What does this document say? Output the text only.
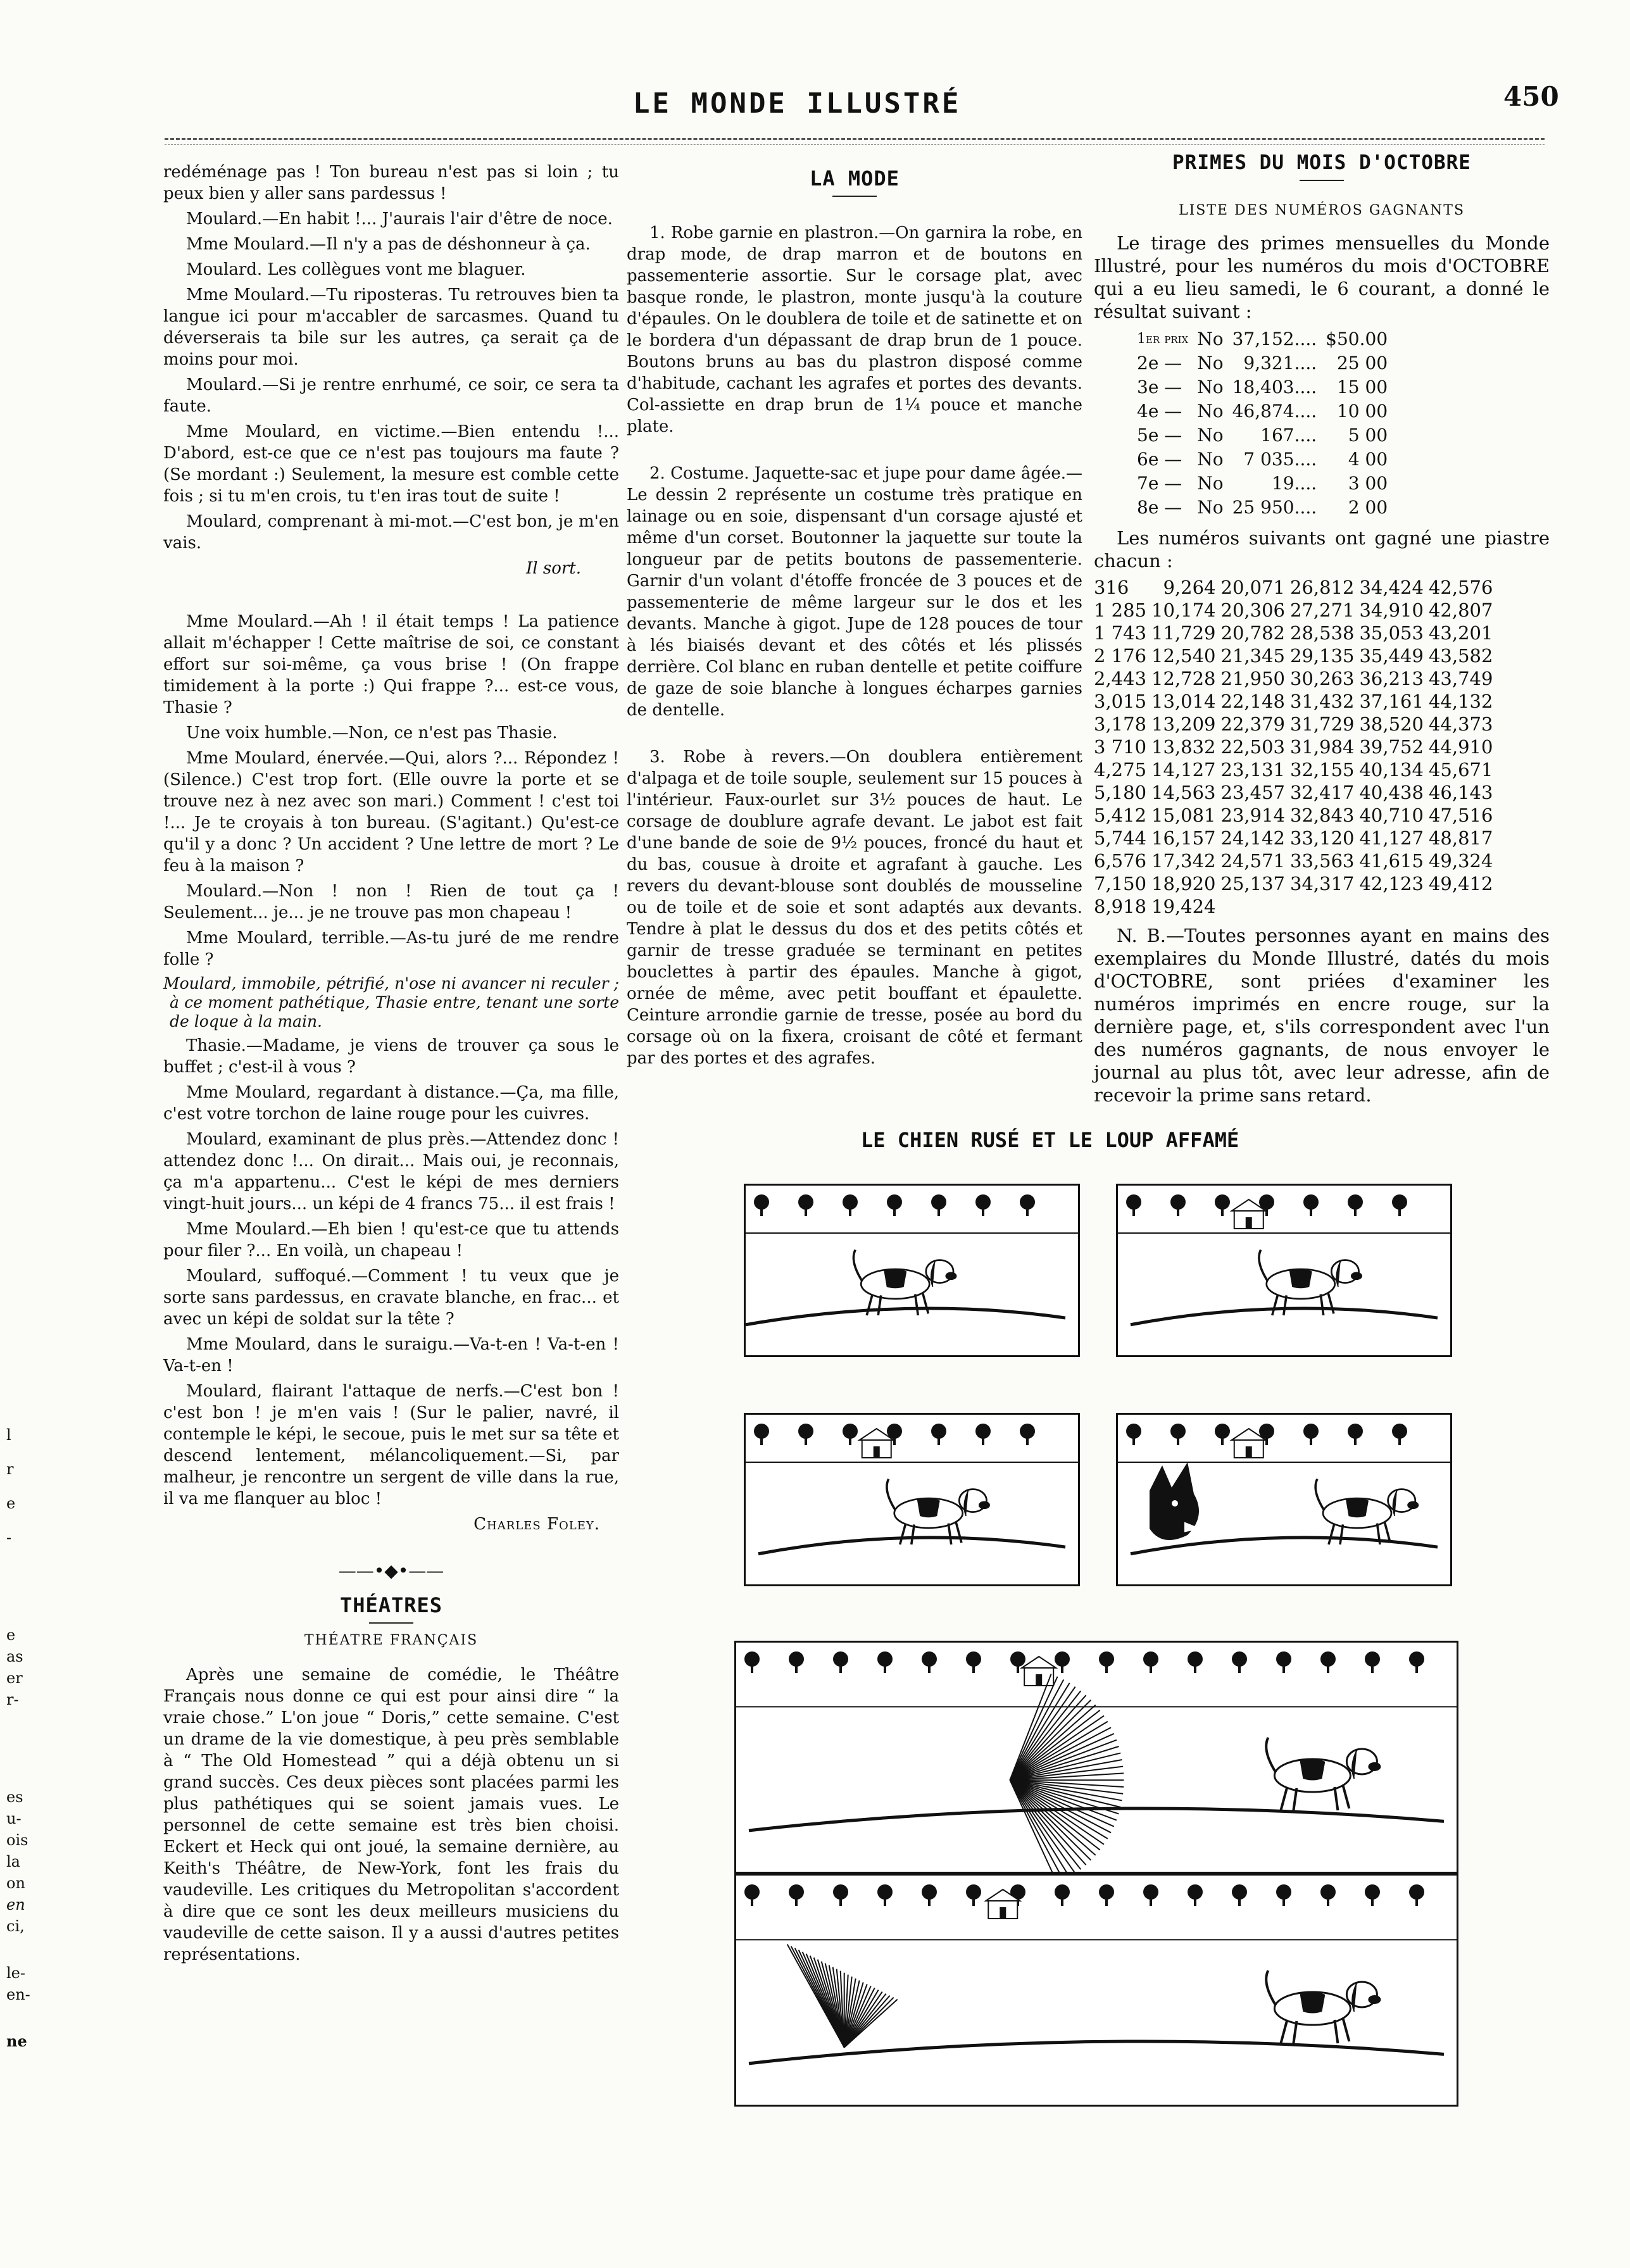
LE MONDE ILLUSTRÉ	450
l
r
e
-
e
as
er
r-
es
u-
ois
la
on
en
ci,
le-
en-
ne

redéménage pas ! Ton bureau n'est pas si loin ; tu peux bien y aller sans pardessus !

Moulard.—En habit !... J'aurais l'air d'être de noce.

Mme Moulard.—Il n'y a pas de déshonneur à ça.

Moulard. Les collègues vont me blaguer.

Mme Moulard.—Tu riposteras. Tu retrouves bien ta langue ici pour m'accabler de sarcasmes. Quand tu déverserais ta bile sur les autres, ça serait ça de moins pour moi.

Moulard.—Si je rentre enrhumé, ce soir, ce sera ta faute.

Mme Moulard, en victime.—Bien entendu !... D'abord, est-ce que ce n'est pas toujours ma faute ? (Se mordant :) Seulement, la mesure est comble cette fois ; si tu m'en crois, tu t'en iras tout de suite !

Moulard, comprenant à mi-mot.—C'est bon, je m'en vais.

Il sort.

Mme Moulard.—Ah ! il était temps ! La patience allait m'échapper ! Cette maîtrise de soi, ce constant effort sur soi-même, ça vous brise ! (On frappe timidement à la porte :) Qui frappe ?... est-ce vous, Thasie ?

Une voix humble.—Non, ce n'est pas Thasie.

Mme Moulard, énervée.—Qui, alors ?... Répondez ! (Silence.) C'est trop fort. (Elle ouvre la porte et se trouve nez à nez avec son mari.) Comment ! c'est toi !... Je te croyais à ton bureau. (S'agitant.) Qu'est-ce qu'il y a donc ? Un accident ? Une lettre de mort ? Le feu à la maison ?

Moulard.—Non ! non ! Rien de tout ça ! Seulement... je... je ne trouve pas mon chapeau !

Mme Moulard, terrible.—As-tu juré de me rendre folle ?

Moulard, immobile, pétrifié, n'ose ni avancer ni reculer ; à ce moment pathétique, Thasie entre, tenant une sorte de loque à la main.

Thasie.—Madame, je viens de trouver ça sous le buffet ; c'est-il à vous ?

Mme Moulard, regardant à distance.—Ça, ma fille, c'est votre torchon de laine rouge pour les cuivres.

Moulard, examinant de plus près.—Attendez donc ! attendez donc !... On dirait... Mais oui, je reconnais, ça m'a appartenu... C'est le képi de mes derniers vingt-huit jours... un képi de 4 francs 75... il est frais !

Mme Moulard.—Eh bien ! qu'est-ce que tu attends pour filer ?... En voilà, un chapeau !

Moulard, suffoqué.—Comment ! tu veux que je sorte sans pardessus, en cravate blanche, en frac... et avec un képi de soldat sur la tête ?

Mme Moulard, dans le suraigu.—Va-t-en ! Va-t-en ! Va-t-en !

Moulard, flairant l'attaque de nerfs.—C'est bon ! c'est bon ! je m'en vais ! (Sur le palier, navré, il contemple le képi, le secoue, puis le met sur sa tête et descend lentement, mélancoliquement.—Si, par malheur, je rencontre un sergent de ville dans la rue, il va me flanquer au bloc !

Charles Foley.

——•◆•——
THÉATRES
THÉATRE FRANÇAIS

Après une semaine de comédie, le Théâtre Français nous donne ce qui est pour ainsi dire “ la vraie chose.” L'on joue “ Doris,” cette semaine. C'est un drame de la vie domestique, à peu près semblable à “ The Old Homestead ” qui a déjà obtenu un si grand succès. Ces deux pièces sont placées parmi les plus pathétiques qui se soient jamais vues. Le personnel de cette semaine est très bien choisi. Eckert et Heck qui ont joué, la semaine dernière, au Keith's Théâtre, de New-York, font les frais du vaudeville. Les critiques du Metropolitan s'accordent à dire que ce sont les deux meilleurs musiciens du vaudeville de cette saison. Il y a aussi d'autres petites représentations.

LA MODE

1. Robe garnie en plastron.—On garnira la robe, en drap mode, de drap marron et de boutons en passementerie assortie. Sur le corsage plat, avec basque ronde, le plastron, monte jusqu'à la couture d'épaules. On le doublera de toile et de satinette et on le bordera d'un dépassant de drap brun de 1 pouce. Boutons bruns au bas du plastron disposé comme d'habitude, cachant les agrafes et portes des devants. Col-assiette en drap brun de 1¼ pouce et manche plate.

2. Costume. Jaquette-sac et jupe pour dame âgée.—Le dessin 2 représente un costume très pratique en lainage ou en soie, dispensant d'un corsage ajusté et même d'un corset. Boutonner la jaquette sur toute la longueur par de petits boutons de passementerie. Garnir d'un volant d'étoffe froncée de 3 pouces et de passementerie de même largeur sur le dos et les devants. Manche à gigot. Jupe de 128 pouces de tour à lés biaisés devant et des côtés et lés plissés derrière. Col blanc en ruban dentelle et petite coiffure de gaze de soie blanche à longues écharpes garnies de dentelle.

3. Robe à revers.—On doublera entièrement d'alpaga et de toile souple, seulement sur 15 pouces à l'intérieur. Faux-ourlet sur 3½ pouces de haut. Le corsage de doublure agrafe devant. Le jabot est fait d'une bande de soie de 9½ pouces, froncé du haut et du bas, cousue à droite et agrafant à gauche. Les revers du devant-blouse sont doublés de mousseline ou de toile et de soie et sont adaptés aux devants. Tendre à plat le dessus du dos et des petits côtés et garnir de tresse graduée se terminant en petites bouclettes à partir des épaules. Manche à gigot, ornée de même, avec petit bouffant et épaulette. Ceinture arrondie garnie de tresse, posée au bord du corsage où on la fixera, croisant de côté et fermant par des portes et des agrafes.

PRIMES DU MOIS D'OCTOBRE
LISTE DES NUMÉROS GAGNANTS

Le tirage des primes mensuelles du Monde Illustré, pour les numéros du mois d'OCTOBRE qui a eu lieu samedi, le 6 courant, a donné le résultat suivant :

1er prix	No	37,152....	$50.00
2e —	No	9,321....	25 00
3e —	No	18,403....	15 00
4e —	No	46,874....	10 00
5e —	No	167....	5 00
6e —	No	7 035....	4 00
7e —	No	19....	3 00
8e —	No	25 950....	2 00

Les numéros suivants ont gagné une piastre chacun :

316	9,264	20,071	26,812	34,424	42,576
1 285	10,174	20,306	27,271	34,910	42,807
1 743	11,729	20,782	28,538	35,053	43,201
2 176	12,540	21,345	29,135	35,449	43,582
2,443	12,728	21,950	30,263	36,213	43,749
3,015	13,014	22,148	31,432	37,161	44,132
3,178	13,209	22,379	31,729	38,520	44,373
3 710	13,832	22,503	31,984	39,752	44,910
4,275	14,127	23,131	32,155	40,134	45,671
5,180	14,563	23,457	32,417	40,438	46,143
5,412	15,081	23,914	32,843	40,710	47,516
5,744	16,157	24,142	33,120	41,127	48,817
6,576	17,342	24,571	33,563	41,615	49,324
7,150	18,920	25,137	34,317	42,123	49,412
8,918	19,424				

N. B.—Toutes personnes ayant en mains des exemplaires du Monde Illustré, datés du mois d'OCTOBRE, sont priées d'examiner les numéros imprimés en encre rouge, sur la dernière page, et, s'ils correspondent avec l'un des numéros gagnants, de nous envoyer le journal au plus tôt, avec leur adresse, afin de recevoir la prime sans retard.

LE CHIEN RUSÉ ET LE LOUP AFFAMÉ
